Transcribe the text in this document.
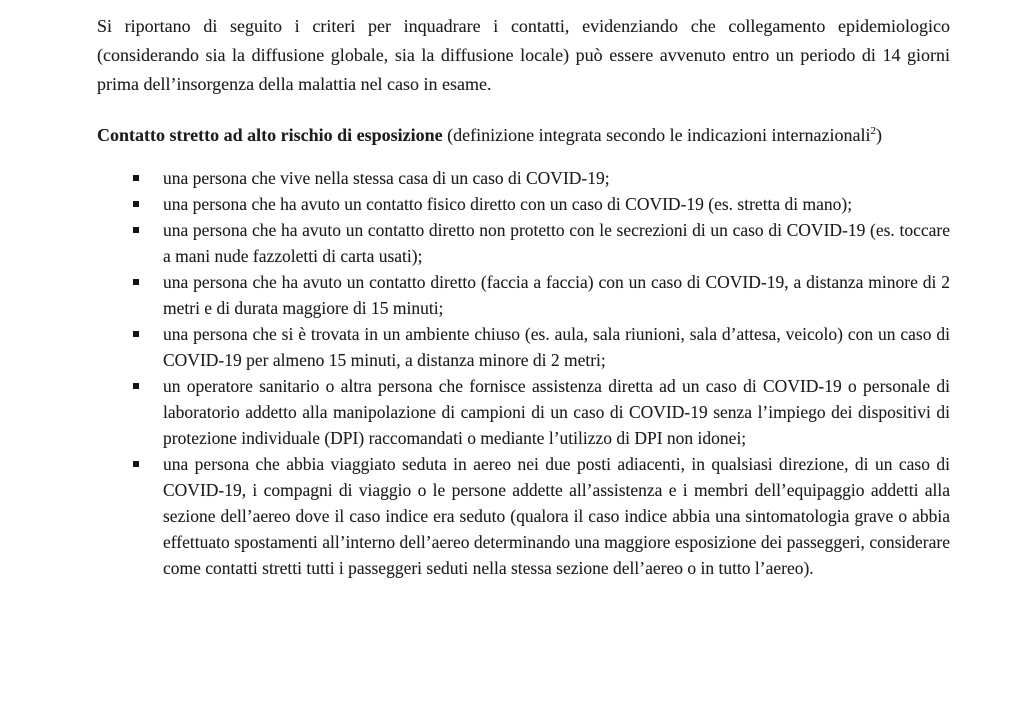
Si riportano di seguito i criteri per inquadrare i contatti, evidenziando che collegamento epidemiologico (considerando sia la diffusione globale, sia la diffusione locale) può essere avvenuto entro un periodo di 14 giorni prima dell’insorgenza della malattia nel caso in esame.

Contatto stretto ad alto rischio di esposizione (definizione integrata secondo le indicazioni internazionali$^2$)

una persona che vive nella stessa casa di un caso di COVID-19;
una persona che ha avuto un contatto fisico diretto con un caso di COVID-19 (es. stretta di mano);
una persona che ha avuto un contatto diretto non protetto con le secrezioni di un caso di COVID-19 (es. toccare a mani nude fazzoletti di carta usati);
una persona che ha avuto un contatto diretto (faccia a faccia) con un caso di COVID-19, a distanza minore di 2 metri e di durata maggiore di 15 minuti;
una persona che si è trovata in un ambiente chiuso (es. aula, sala riunioni, sala d’attesa, veicolo) con un caso di COVID-19 per almeno 15 minuti, a distanza minore di 2 metri;
un operatore sanitario o altra persona che fornisce assistenza diretta ad un caso di COVID-19 o personale di laboratorio addetto alla manipolazione di campioni di un caso di COVID-19 senza l’impiego dei dispositivi di protezione individuale (DPI) raccomandati o mediante l’utilizzo di DPI non idonei;
una persona che abbia viaggiato seduta in aereo nei due posti adiacenti, in qualsiasi direzione, di un caso di COVID-19, i compagni di viaggio o le persone addette all’assistenza e i membri dell’equipaggio addetti alla sezione dell’aereo dove il caso indice era seduto (qualora il caso indice abbia una sintomatologia grave o abbia effettuato spostamenti all’interno dell’aereo determinando una maggiore esposizione dei passeggeri, considerare come contatti stretti tutti i passeggeri seduti nella stessa sezione dell’aereo o in tutto l’aereo).
